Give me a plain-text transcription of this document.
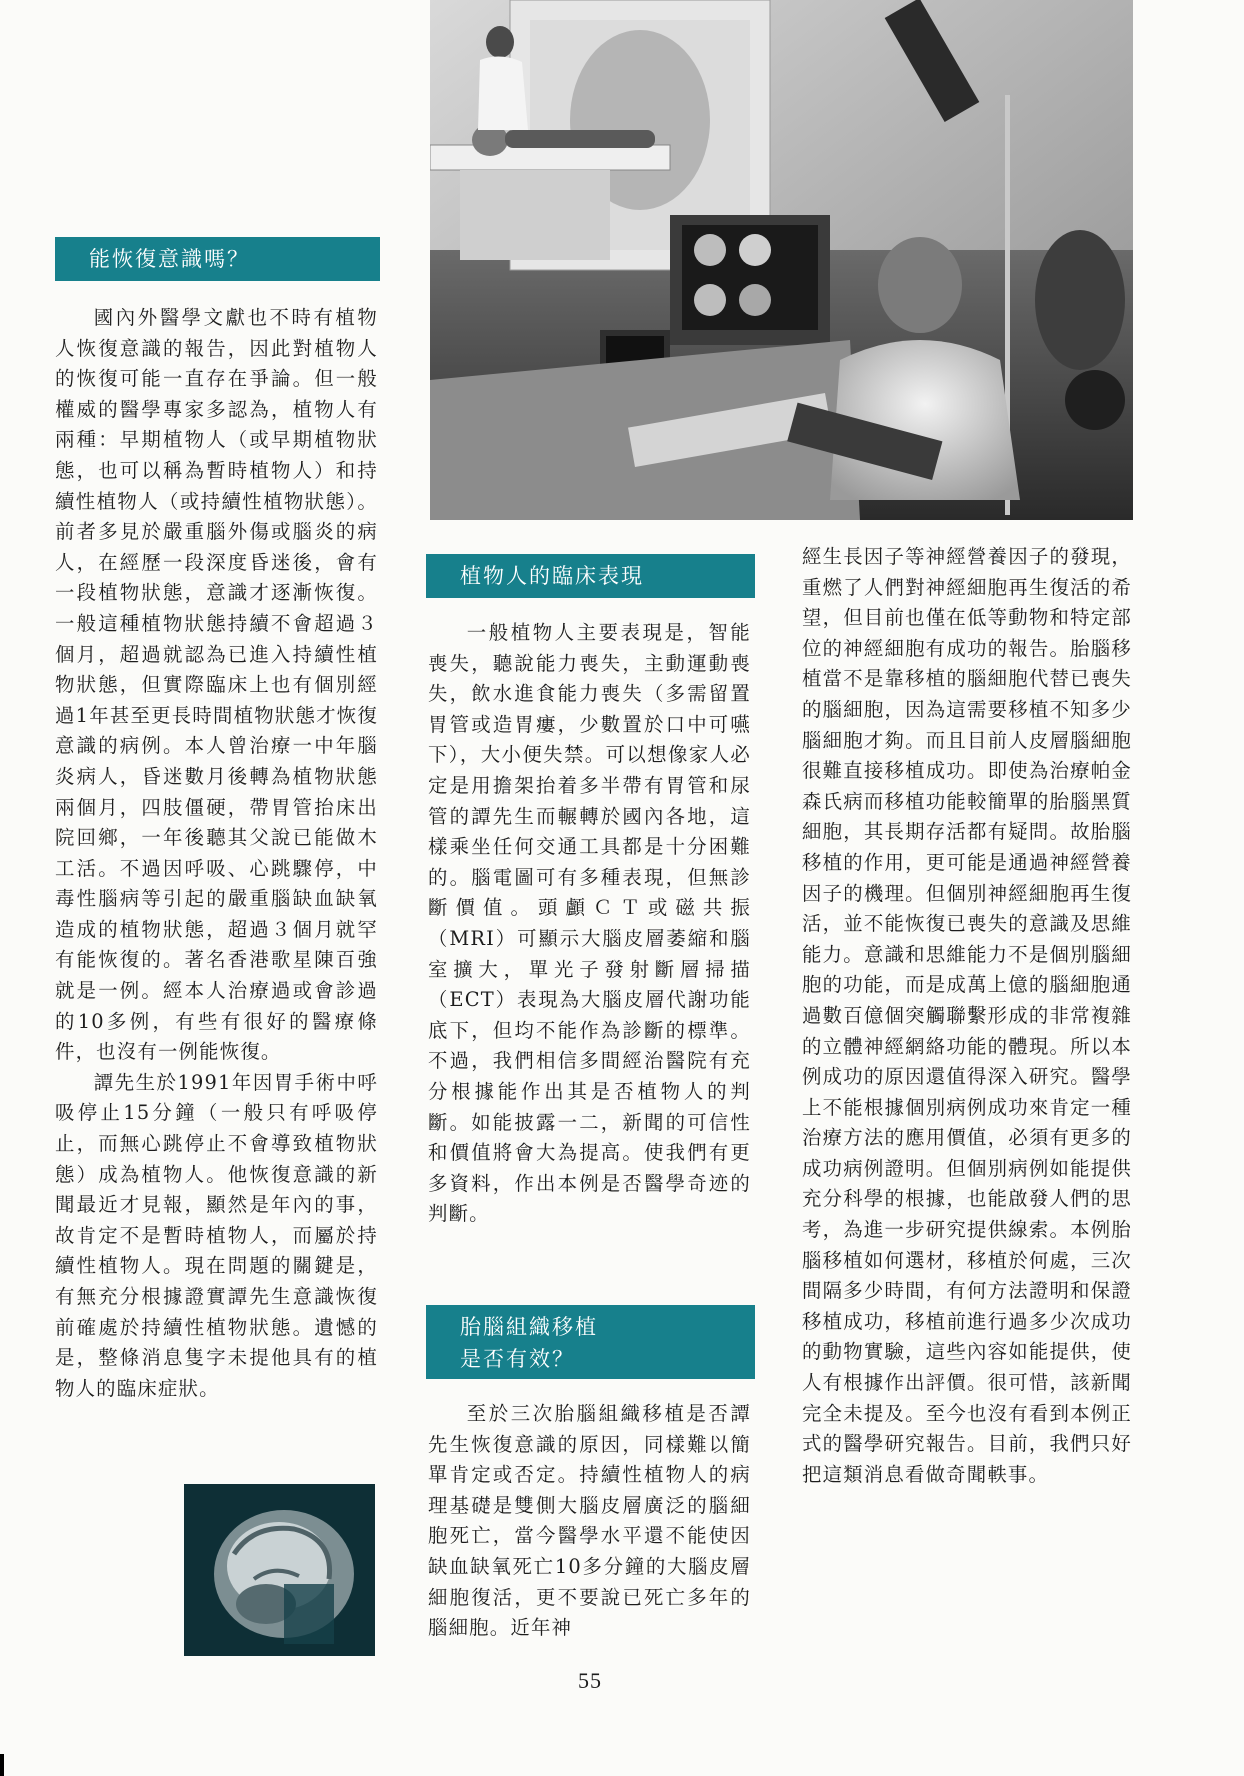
能恢復意識嗎？

國內外醫學文獻也不時有植物人恢復意識的報告，因此對植物人的恢復可能一直存在爭論。但一般權威的醫學專家多認為，植物人有兩種：早期植物人（或早期植物狀態，也可以稱為暫時植物人）和持續性植物人（或持續性植物狀態）。前者多見於嚴重腦外傷或腦炎的病人，在經歷一段深度昏迷後，會有一段植物狀態，意識才逐漸恢復。一般這種植物狀態持續不會超過３個月，超過就認為已進入持續性植物狀態，但實際臨床上也有個別經過1年甚至更長時間植物狀態才恢復意識的病例。本人曾治療一中年腦炎病人，昏迷數月後轉為植物狀態兩個月，四肢僵硬，帶胃管抬床出院回鄉，一年後聽其父說已能做木工活。不過因呼吸、心跳驟停，中毒性腦病等引起的嚴重腦缺血缺氧造成的植物狀態，超過３個月就罕有能恢復的。著名香港歌星陳百強就是一例。經本人治療過或會診過的10多例，有些有很好的醫療條件，也沒有一例能恢復。

譚先生於1991年因胃手術中呼吸停止15分鐘（一般只有呼吸停止，而無心跳停止不會導致植物狀態）成為植物人。他恢復意識的新聞最近才見報，顯然是年內的事，故肯定不是暫時植物人，而屬於持續性植物人。現在問題的關鍵是，有無充分根據證實譚先生意識恢復前確處於持續性植物狀態。遺憾的是，整條消息隻字未提他具有的植物人的臨床症狀。

植物人的臨床表現

一般植物人主要表現是，智能喪失，聽說能力喪失，主動運動喪失，飲水進食能力喪失（多需留置胃管或造胃瘻，少數置於口中可嚥下），大小便失禁。可以想像家人必定是用擔架抬着多半帶有胃管和尿管的譚先生而輾轉於國內各地，這樣乘坐任何交通工具都是十分困難的。腦電圖可有多種表現，但無診斷價值。頭顱ＣＴ或磁共振（MRI）可顯示大腦皮層萎縮和腦室擴大，單光子發射斷層掃描（ECT）表現為大腦皮層代謝功能底下，但均不能作為診斷的標準。不過，我們相信多間經治醫院有充分根據能作出其是否植物人的判斷。如能披露一二，新聞的可信性和價值將會大為提高。使我們有更多資料，作出本例是否醫學奇迹的判斷。

胎腦組織移植
是否有效？

至於三次胎腦組織移植是否譚先生恢復意識的原因，同樣難以簡單肯定或否定。持續性植物人的病理基礎是雙側大腦皮層廣泛的腦細胞死亡，當今醫學水平還不能使因缺血缺氧死亡10多分鐘的大腦皮層細胞復活，更不要說已死亡多年的腦細胞。近年神

經生長因子等神經營養因子的發現，重燃了人們對神經細胞再生復活的希望，但目前也僅在低等動物和特定部位的神經細胞有成功的報告。胎腦移植當不是靠移植的腦細胞代替已喪失的腦細胞，因為這需要移植不知多少腦細胞才夠。而且目前人皮層腦細胞很難直接移植成功。即使為治療帕金森氏病而移植功能較簡單的胎腦黑質細胞，其長期存活都有疑問。故胎腦移植的作用，更可能是通過神經營養因子的機理。但個別神經細胞再生復活，並不能恢復已喪失的意識及思維能力。意識和思維能力不是個別腦細胞的功能，而是成萬上億的腦細胞通過數百億個突觸聯繫形成的非常複雜的立體神經網絡功能的體現。所以本例成功的原因還值得深入研究。醫學上不能根據個別病例成功來肯定一種治療方法的應用價值，必須有更多的成功病例證明。但個別病例如能提供充分科學的根據，也能啟發人們的思考，為進一步研究提供線索。本例胎腦移植如何選材，移植於何處，三次間隔多少時間，有何方法證明和保證移植成功，移植前進行過多少次成功的動物實驗，這些內容如能提供，使人有根據作出評價。很可惜，該新聞完全未提及。至今也沒有看到本例正式的醫學研究報告。目前，我們只好把這類消息看做奇聞軼事。

55
